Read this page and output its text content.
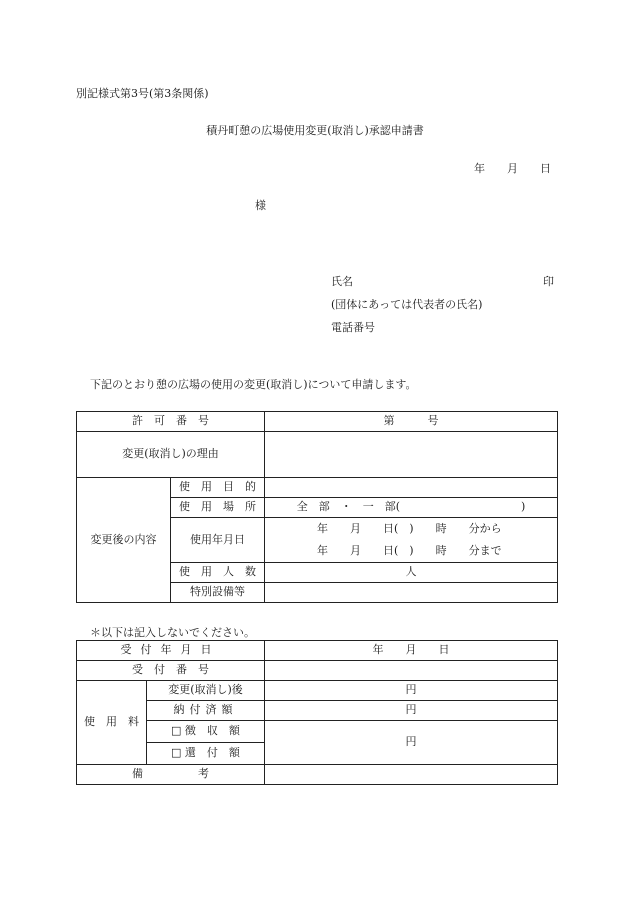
別記様式第3号(第3条関係)
積丹町憩の広場使用変更(取消し)承認申請書
年　　月　　日
様
氏名	印
(団体にあっては代表者の氏名)
電話番号
下記のとおり憩の広場の使用の変更(取消し)について申請します。
許　可　番　号		第　　　号
変更(取消し)の理由		
変更後の内容	使　用　目　的	
	使　用　場　所	全　部　・　一　部(　　　　　　　　　　　)
	使用年月日	年　　月　　日(　)　　時　　分から
年　　月　　日(　)　　時　　分まで

	使　用　人　数	人
	特別設備等	
＊以下は記入しないでください。
受付年月日		年　　月　　日
受　付　番　号		
使　用　料	変更(取消し)後	円
	納付済額	円
	□ 徴　収　額	円
	□ 還　付　額	
備　　　　　考		
